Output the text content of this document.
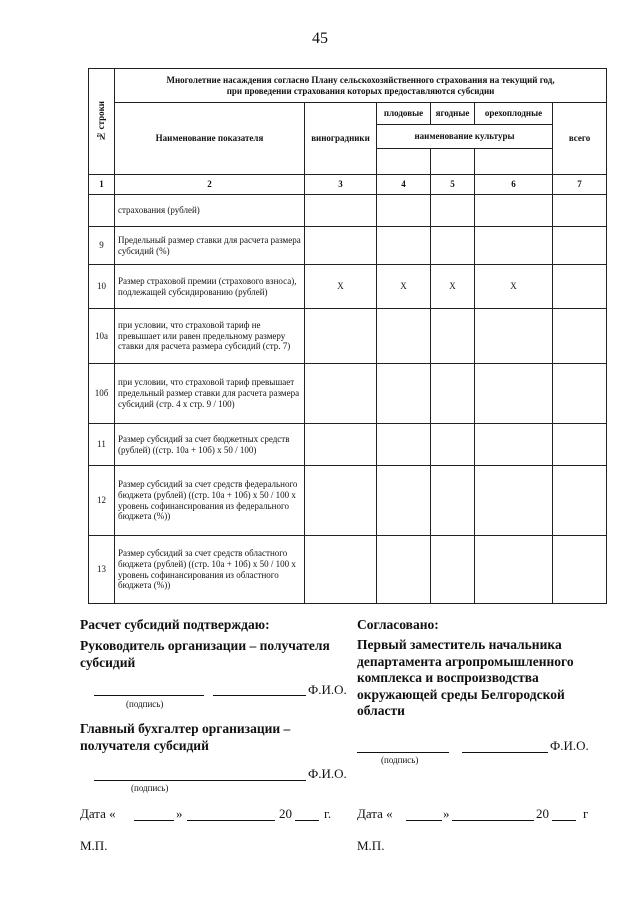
45
№ строки	Многолетние насаждения согласно Плану сельскохозяйственного страхования на текущий год,
при проведении страхования которых предоставляются субсидии					

	Наименование показателя	виноградники	плодовые	ягодные	орехоплодные	всего
			наименование культуры			

1	2	3	4	5	6	7
	страхования (рублей)					
9	Предельный размер ставки для расчета размера субсидий (%)					
10	Размер страховой премии (страхового взноса), подлежащей субсидированию (рублей)	Х	Х	Х	Х	
10а	при условии, что страховой тариф не превышает или равен предельному размеру ставки для расчета размера субсидий (стр. 7)					
10б	при условии, что страховой тариф превышает предельный размер ставки для расчета размера субсидий (стр. 4 х стр. 9 / 100)					
11	Размер субсидий за счет бюджетных средств (рублей) ((стр. 10а + 10б) х 50 / 100)					
12	Размер субсидий за счет средств федерального бюджета (рублей) ((стр. 10а + 10б) х 50 / 100 х уровень софинансирования из федерального бюджета (%))					
13	Размер субсидий за счет средств областного бюджета (рублей) ((стр. 10а + 10б) х 50 / 100 х уровень софинансирования из областного бюджета (%))					
Расчет субсидий подтверждаю:
Руководитель организации – получателя субсидий
Ф.И.О.
(подпись)
Главный бухгалтер организации – получателя субсидий
Ф.И.О.
(подпись)
Дата «	»	20 г.
М.П.
Согласовано:
Первый заместитель начальника департамента агропромышленного комплекса и воспроизводства окружающей среды Белгородской области
Ф.И.О.
(подпись)
Дата «	»	20	г
М.П.
